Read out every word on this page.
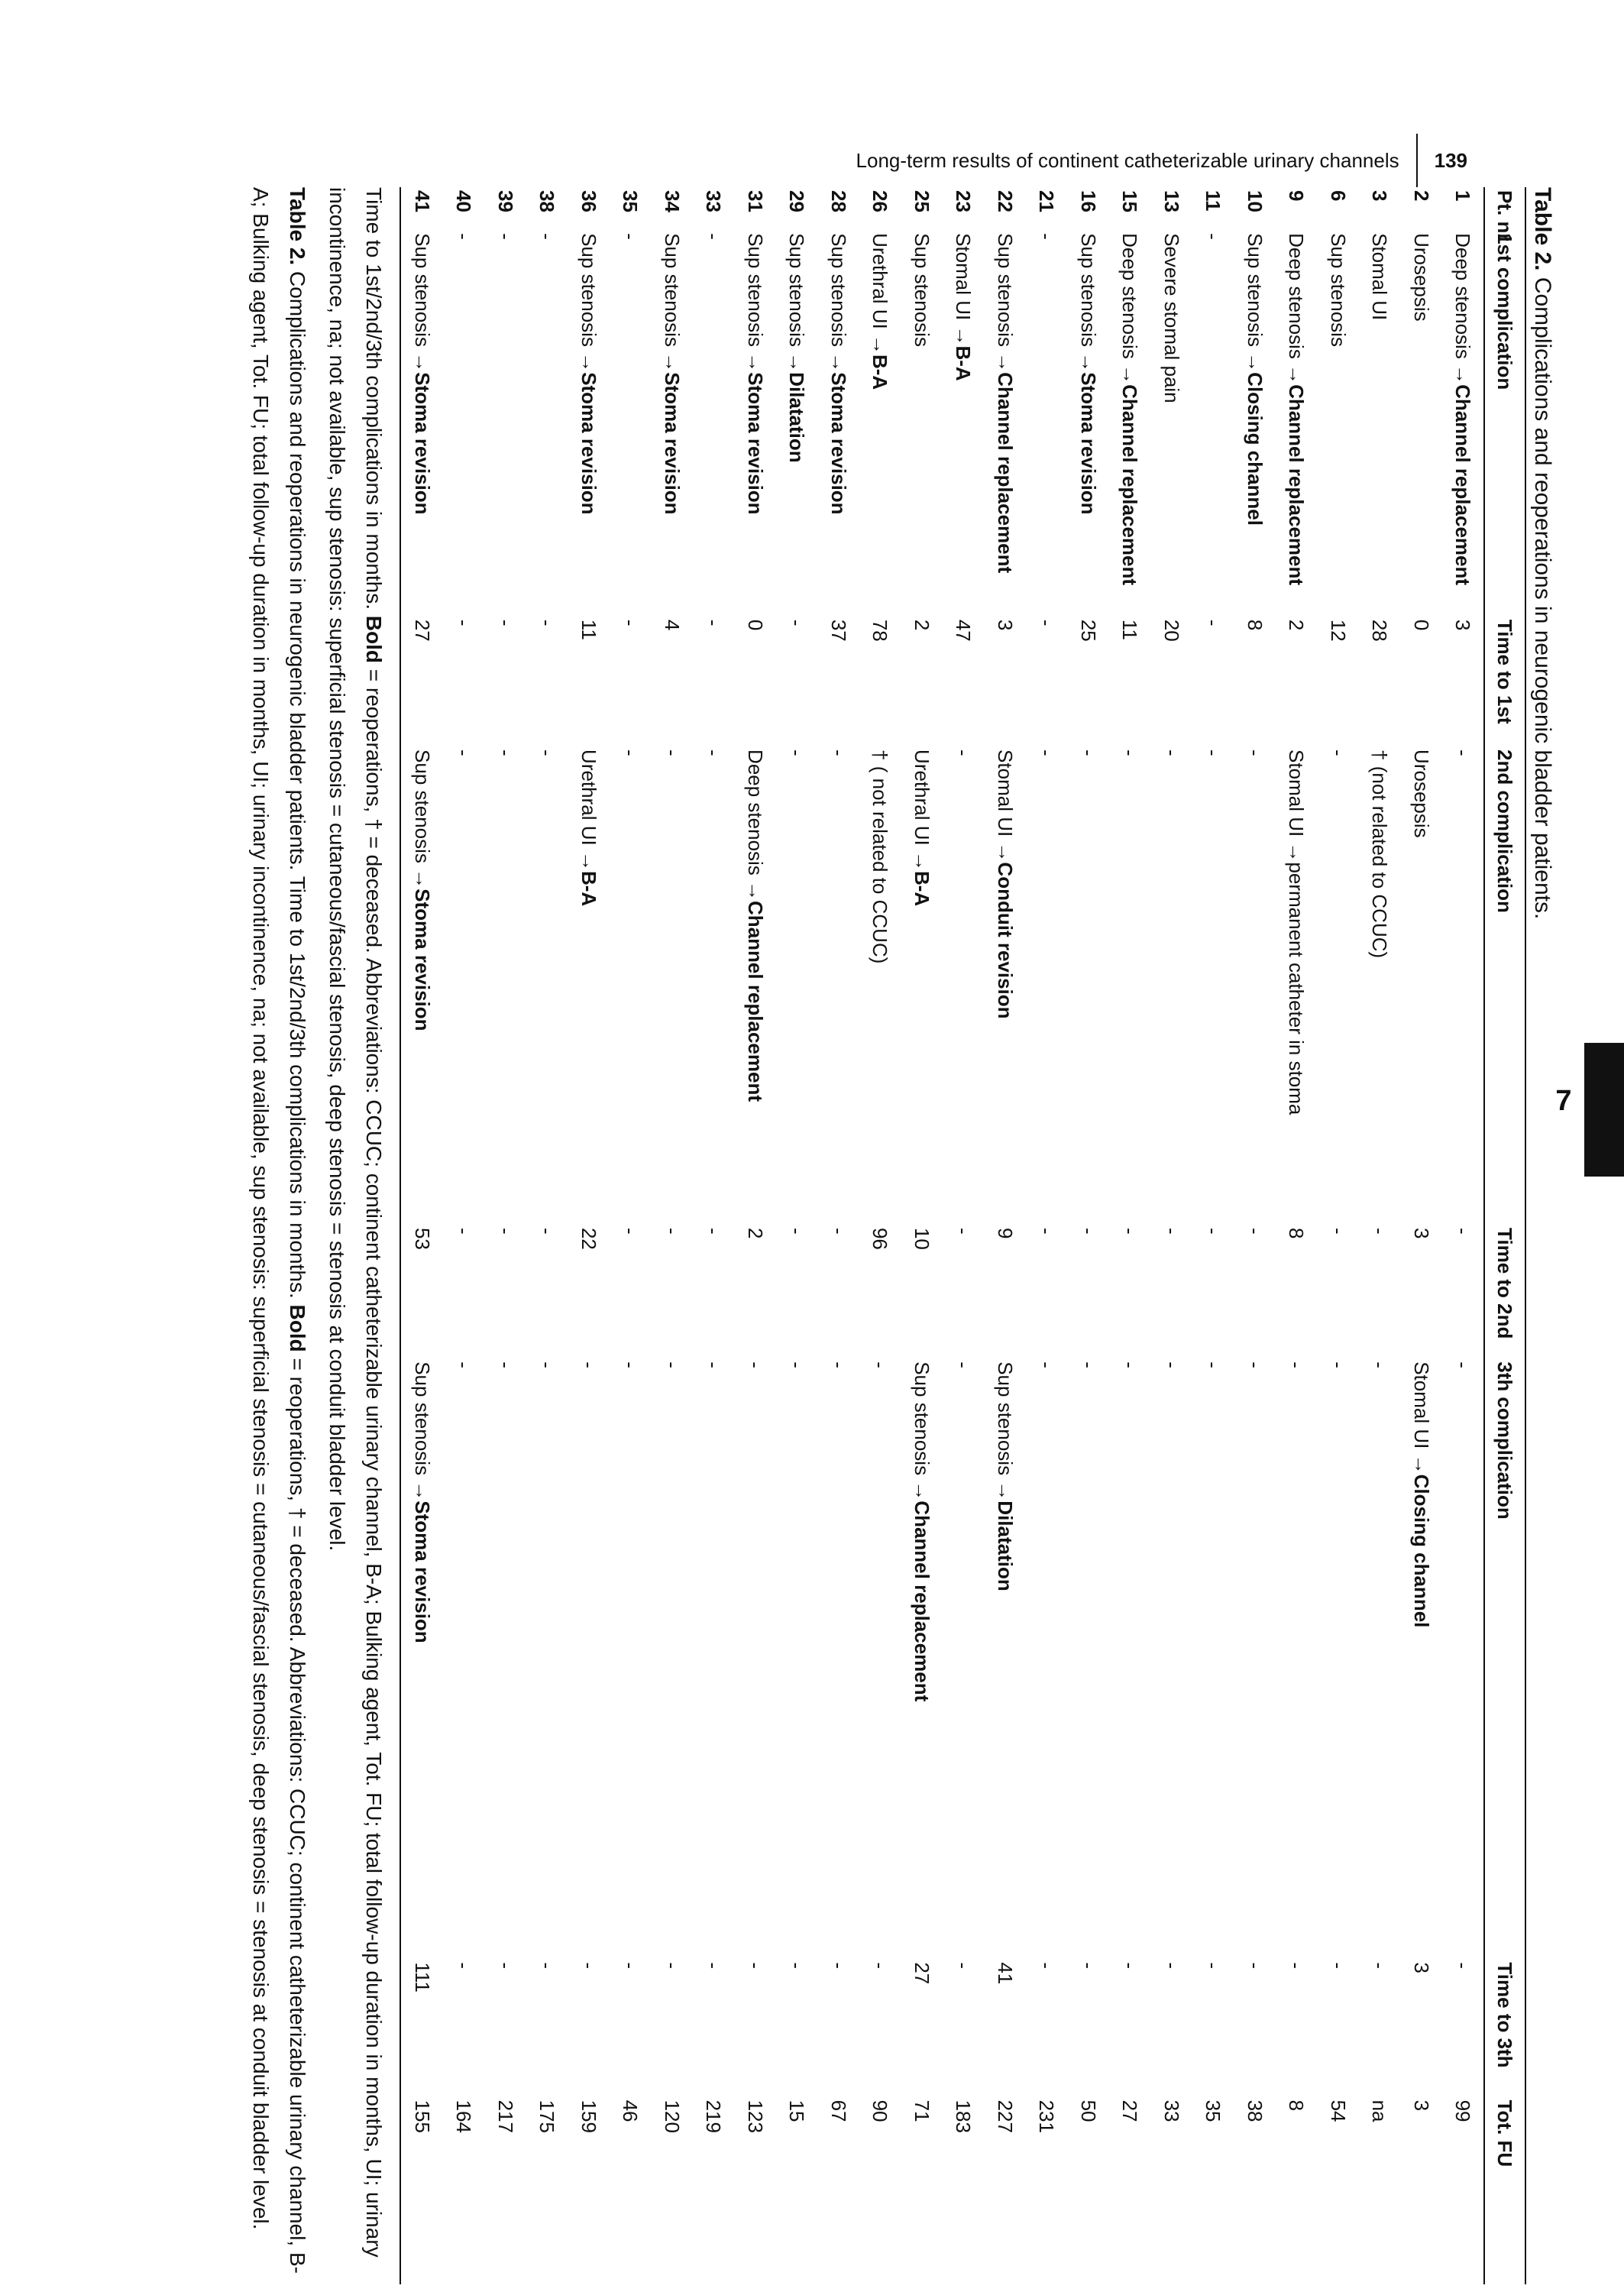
Long-term results of continent catheterizable urinary channels	139
7
Table 2. Complications and reoperations in neurogenic bladder patients.
Pt. nr	1st complication	Time to 1st	2nd complication	Time to 2nd	3th complication	Time to 3th	Tot. FU
1	Deep stenosis →Channel replacement	3	-	-	-	-	99
2	Urosepsis	0	Urosepsis	3	Stomal UI →Closing channel	3	3
3	Stomal UI	28	† (not related to CCUC)	-	-	-	na
6	Sup stenosis	12	-	-	-	-	54
9	Deep stenosis →Channel replacement	2	Stomal UI →permanent catheter in stoma	8	-	-	8
10	Sup stenosis →Closing channel	8	-	-	-	-	38
11	-	-	-	-	-	-	35
13	Severe stomal pain	20	-	-	-	-	33
15	Deep stenosis →Channel replacement	11	-	-	-	-	27
16	Sup stenosis →Stoma revision	25	-	-	-	-	50
21	-	-	-	-	-	-	231
22	Sup stenosis →Channel replacement	3	Stomal UI →Conduit revision	9	Sup stenosis →Dilatation	41	227
23	Stomal UI →B-A	47	-	-	-	-	183
25	Sup stenosis	2	Urethral UI →B-A	10	Sup stenosis →Channel replacement	27	71
26	Urethral UI →B-A	78	† ( not related to CCUC)	96	-	-	90
28	Sup stenosis →Stoma revision	37	-	-	-	-	67
29	Sup stenosis →Dilatation	-	-	-	-	-	15
31	Sup stenosis →Stoma revision	0	Deep stenosis →Channel replacement	2	-	-	123
33	-	-	-	-	-	-	219
34	Sup stenosis →Stoma revision	4	-	-	-	-	120
35	-	-	-	-	-	-	46
36	Sup stenosis →Stoma revision	11	Urethral UI →B-A	22	-	-	159
38	-	-	-	-	-	-	175
39	-	-	-	-	-	-	217
40	-	-	-	-	-	-	164
41	Sup stenosis →Stoma revision	27	Sup stenosis →Stoma revision	53	Sup stenosis →Stoma revision	111	155
Time to 1st/2nd/3th complications in months. Bold = reoperations, † = deceased. Abbreviations: CCUC; continent catheterizable urinary channel, B-A; Bulking agent, Tot. FU; total follow-up duration in months, UI; urinary incontinence, na; not available, sup stenosis: superficial stenosis = cutaneous/fascial stenosis, deep stenosis = stenosis at conduit bladder level.
Table 2. Complications and reoperations in neurogenic bladder patients. Time to 1st/2nd/3th complications in months. Bold = reoperations, † = deceased. Abbreviations: CCUC; continent catheterizable urinary channel, B-A; Bulking agent, Tot. FU; total follow-up duration in months, UI; urinary incontinence, na; not available, sup stenosis: superficial stenosis = cutaneous/fascial stenosis, deep stenosis = stenosis at conduit bladder level.
